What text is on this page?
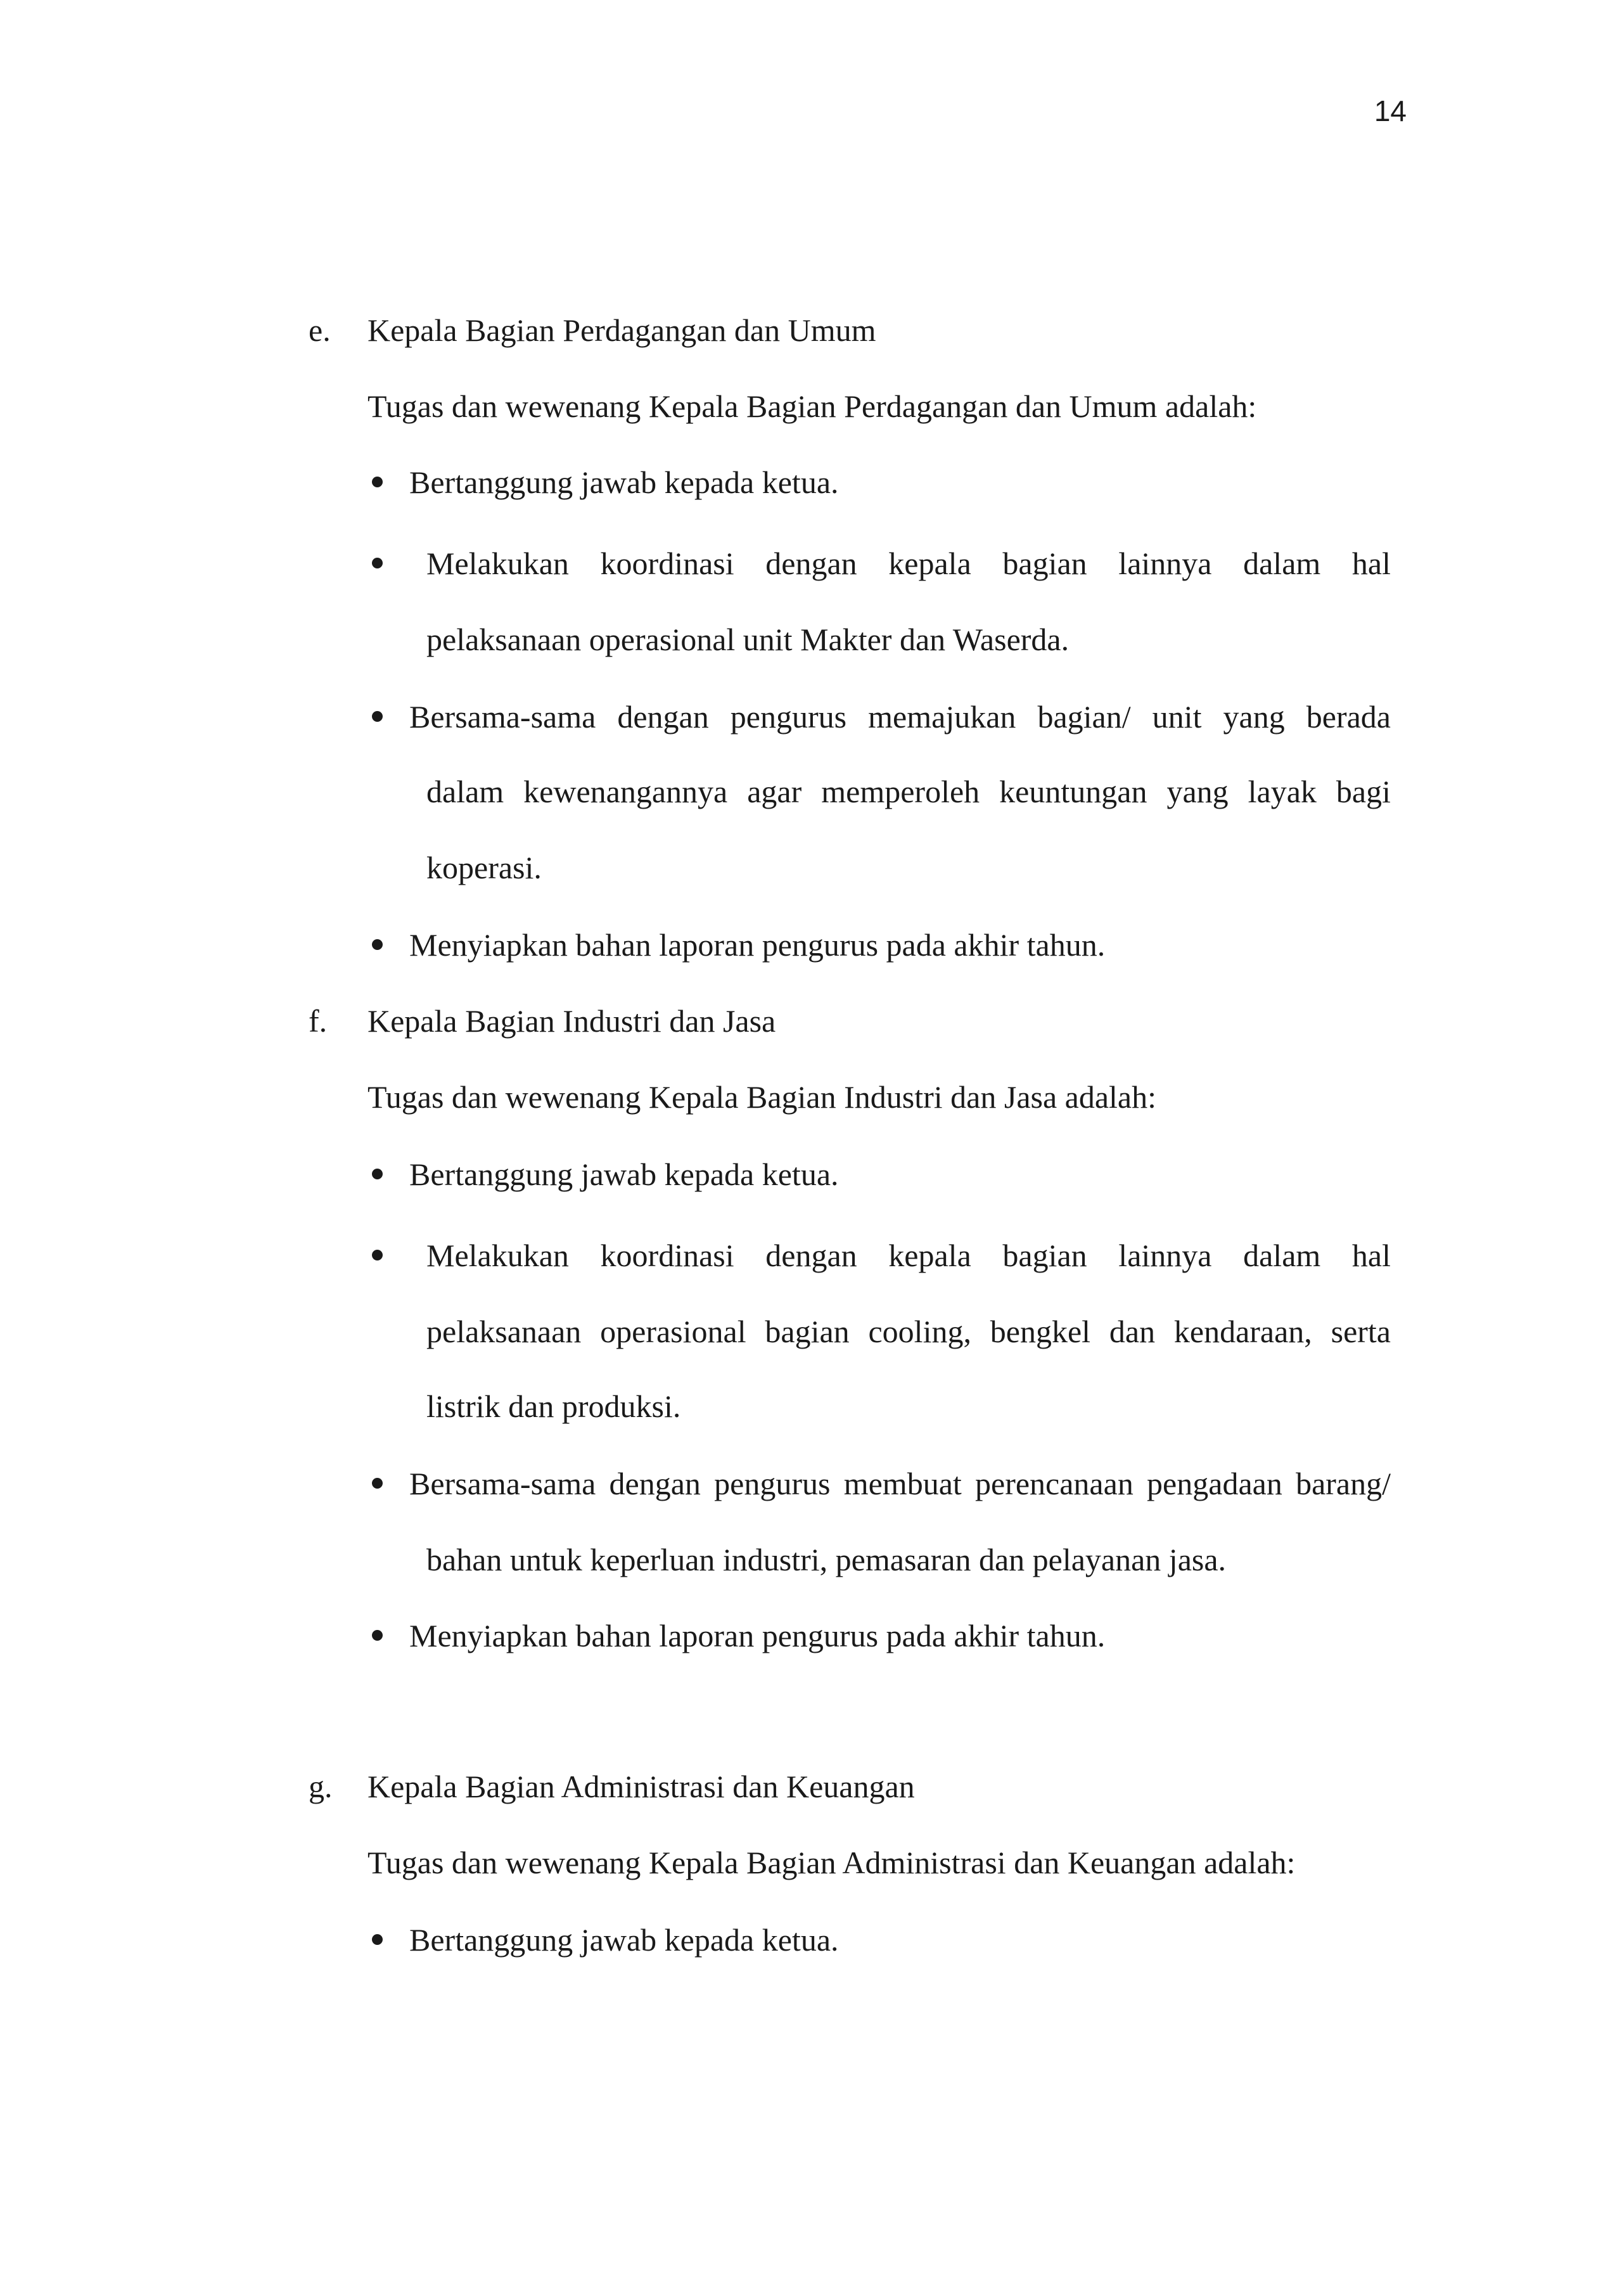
14
e. Kepala Bagian Perdagangan dan Umum
Tugas dan wewenang Kepala Bagian Perdagangan dan Umum adalah:
Bertanggung jawab kepada ketua.
Melakukan koordinasi dengan kepala bagian lainnya dalam hal
pelaksanaan operasional unit Makter dan Waserda.
Bersama-sama dengan pengurus memajukan bagian/ unit yang berada
dalam kewenangannya agar memperoleh keuntungan yang layak bagi
koperasi.
Menyiapkan bahan laporan pengurus pada akhir tahun.
f. Kepala Bagian Industri dan Jasa
Tugas dan wewenang Kepala Bagian Industri dan Jasa adalah:
Bertanggung jawab kepada ketua.
Melakukan koordinasi dengan kepala bagian lainnya dalam hal
pelaksanaan operasional bagian cooling, bengkel dan kendaraan, serta
listrik dan produksi.
Bersama-sama dengan pengurus membuat perencanaan pengadaan barang/
bahan untuk keperluan industri, pemasaran dan pelayanan jasa.
Menyiapkan bahan laporan pengurus pada akhir tahun.
g. Kepala Bagian Administrasi dan Keuangan
Tugas dan wewenang Kepala Bagian Administrasi dan Keuangan adalah:
Bertanggung jawab kepada ketua.
